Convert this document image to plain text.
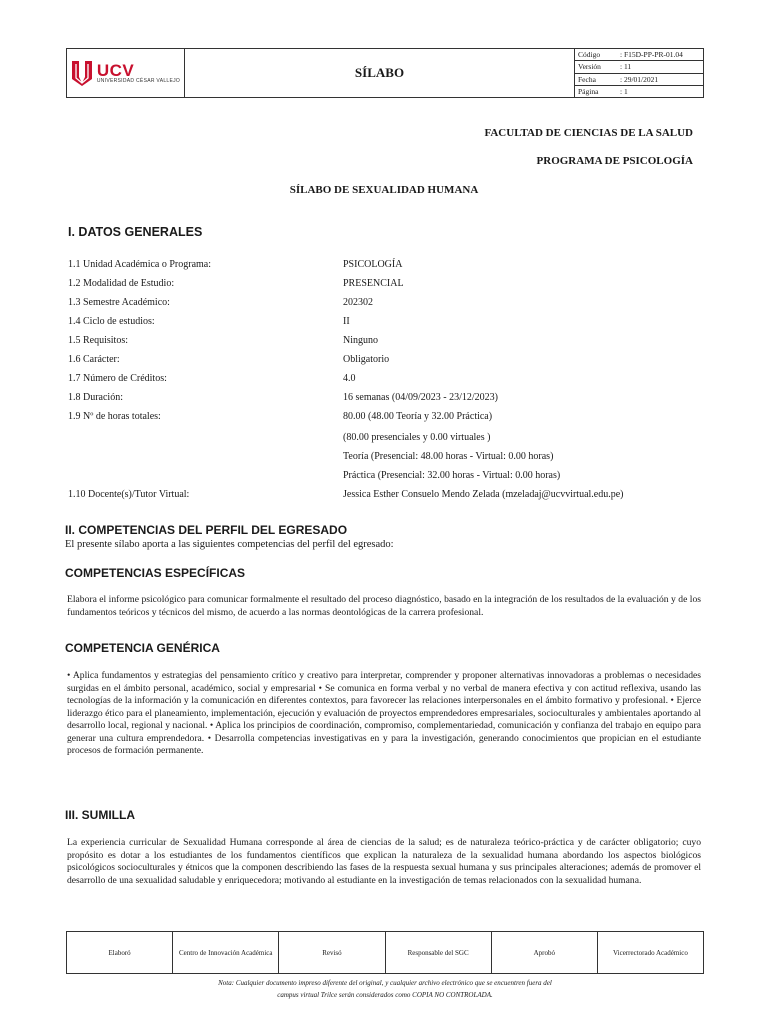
UCV
UNIVERSIDAD CÉSAR VALLEJO
SÍLABO
Código	: F15D-PP-PR-01.04
Versión	: 11
Fecha	: 29/01/2021
Página	: 1
FACULTAD DE CIENCIAS DE LA SALUD
PROGRAMA DE PSICOLOGÍA
SÍLABO DE SEXUALIDAD HUMANA
I. DATOS GENERALES
1.1 Unidad Académica o Programa:	PSICOLOGÍA
1.2 Modalidad de Estudio:	PRESENCIAL
1.3 Semestre Académico:	202302
1.4 Ciclo de estudios:	II
1.5 Requisitos:	Ninguno
1.6 Carácter:	Obligatorio
1.7 Número de Créditos:	4.0
1.8 Duración:	16 semanas (04/09/2023 - 23/12/2023)
1.9 Nº de horas totales:	80.00 (48.00 Teoría y 32.00 Práctica)
(80.00 presenciales y 0.00 virtuales )
Teoría (Presencial: 48.00 horas - Virtual: 0.00 horas)
Práctica (Presencial: 32.00 horas - Virtual: 0.00 horas)
1.10 Docente(s)/Tutor Virtual:	Jessica Esther Consuelo Mendo Zelada (mzeladaj@ucvvirtual.edu.pe)
II. COMPETENCIAS DEL PERFIL DEL EGRESADO
El presente sílabo aporta a las siguientes competencias del perfil del egresado:
COMPETENCIAS ESPECÍFICAS
Elabora el informe psicológico para comunicar formalmente el resultado del proceso diagnóstico, basado en la integración de los resultados de la evaluación y de los fundamentos teóricos y técnicos del mismo, de acuerdo a las normas deontológicas de la carrera profesional.
COMPETENCIA GENÉRICA
• Aplica fundamentos y estrategias del pensamiento crítico y creativo para interpretar, comprender y proponer alternativas innovadoras a problemas o necesidades surgidas en el ámbito personal, académico, social y empresarial • Se comunica en forma verbal y no verbal de manera efectiva y con actitud reflexiva, usando las tecnologías de la información y la comunicación en diferentes contextos, para favorecer las relaciones interpersonales en el ámbito formativo y profesional. • Ejerce liderazgo ético para el planeamiento, implementación, ejecución y evaluación de proyectos emprendedores empresariales, socioculturales y ambientales aportando al desarrollo local, regional y nacional. • Aplica los principios de coordinación, compromiso, complementariedad, comunicación y confianza del trabajo en equipo para generar una cultura emprendedora. • Desarrolla competencias investigativas en y para la investigación, generando conocimientos que propician en el estudiante procesos de formación permanente.
III. SUMILLA
La experiencia curricular de Sexualidad Humana corresponde al área de ciencias de la salud; es de naturaleza teórico-práctica y de carácter obligatorio; cuyo propósito es dotar a los estudiantes de los fundamentos científicos que explican la naturaleza de la sexualidad humana abordando los aspectos biológicos psicológicos socioculturales y étnicos que la componen describiendo las fases de la respuesta sexual humana y sus principales alteraciones; además de promover el desarrollo de una sexualidad saludable y enriquecedora; motivando al estudiante en la investigación de temas relacionados con la sexualidad humana.
Elaboró	Centro de Innovación Académica	Revisó	Responsable del SGC	Aprobó	Vicerrectorado Académico
Nota: Cualquier documento impreso diferente del original, y cualquier archivo electrónico que se encuentren fuera del
campus virtual Trilce serán considerados como COPIA NO CONTROLADA.
